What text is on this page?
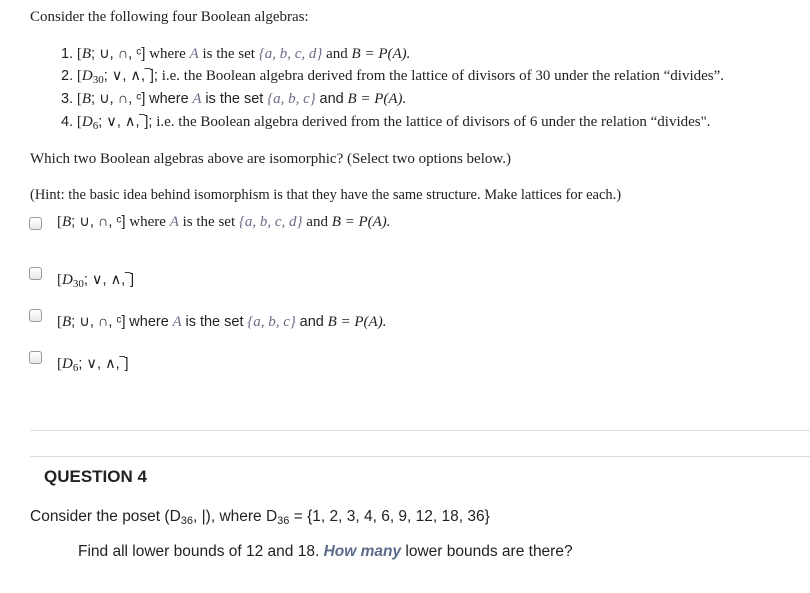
Consider the following four Boolean algebras:
1. [B; ∪, ∩, ᶜ] where A is the set {a, b, c, d} and B = P(A).
2. [$D_{30}$; ∨, ∧,‾]; i.e. the Boolean algebra derived from the lattice of divisors of 30 under the relation “divides”.
3. [B; ∪, ∩, ᶜ] where A is the set {a, b, c} and B = P(A).
4. [$D_6$; ∨, ∧,‾]; i.e. the Boolean algebra derived from the lattice of divisors of 6 under the relation “divides".
Which two Boolean algebras above are isomorphic? (Select two options below.)
(Hint: the basic idea behind isomorphism is that they have the same structure. Make lattices for each.)
[B; ∪, ∩, ᶜ] where A is the set {a, b, c, d} and B = P(A).
[$D_{30}$; ∨, ∧,‾]
[B; ∪, ∩, ᶜ] where A is the set {a, b, c} and B = P(A).
[$D_6$; ∨, ∧,‾]
QUESTION 4
Consider the poset (D36, |), where D36 = {1, 2, 3, 4, 6, 9, 12, 18, 36}
Find all lower bounds of 12 and 18. How many lower bounds are there?
